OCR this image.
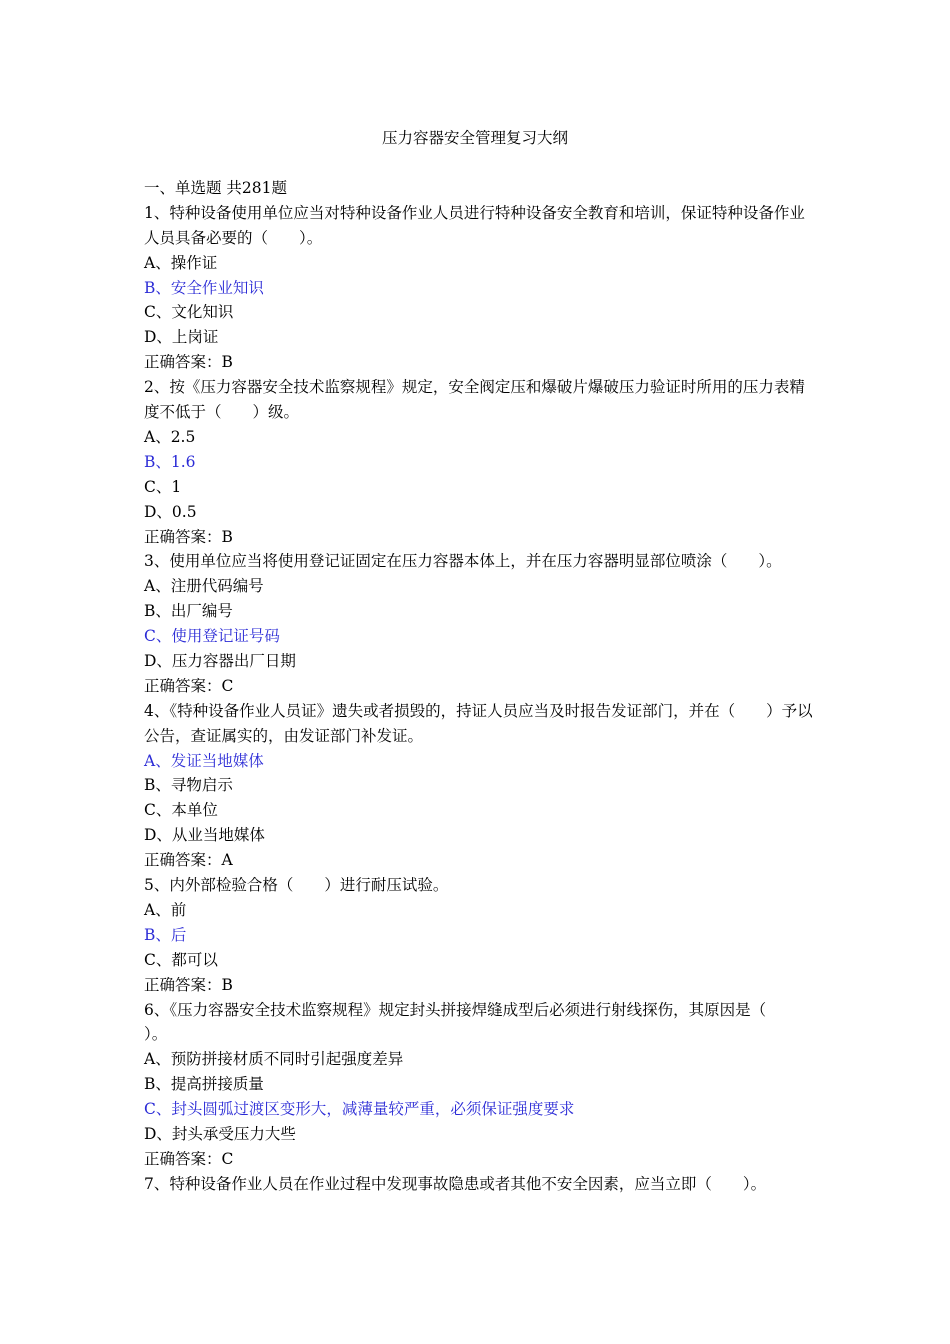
压力容器安全管理复习大纲
一、单选题 共281题
1、特种设备使用单位应当对特种设备作业人员进行特种设备安全教育和培训，保证特种设备作业人员具备必要的（　　）。
A、操作证
B、安全作业知识
C、文化知识
D、上岗证
正确答案：B
2、按《压力容器安全技术监察规程》规定，安全阀定压和爆破片爆破压力验证时所用的压力表精度不低于（　　）级。
A、2.5
B、1.6
C、1
D、0.5
正确答案：B
3、使用单位应当将使用登记证固定在压力容器本体上，并在压力容器明显部位喷涂（　　）。
A、注册代码编号
B、出厂编号
C、使用登记证号码
D、压力容器出厂日期
正确答案：C
4、《特种设备作业人员证》遗失或者损毁的，持证人员应当及时报告发证部门，并在（　　）予以公告，查证属实的，由发证部门补发证。
A、发证当地媒体
B、寻物启示
C、本单位
D、从业当地媒体
正确答案：A
5、内外部检验合格（　　）进行耐压试验。
A、前
B、后
C、都可以
正确答案：B
6、《压力容器安全技术监察规程》规定封头拼接焊缝成型后必须进行射线探伤，其原因是（　　）。
A、预防拼接材质不同时引起强度差异
B、提高拼接质量
C、封头圆弧过渡区变形大，减薄量较严重，必须保证强度要求
D、封头承受压力大些
正确答案：C
7、特种设备作业人员在作业过程中发现事故隐患或者其他不安全因素，应当立即（　　）。
